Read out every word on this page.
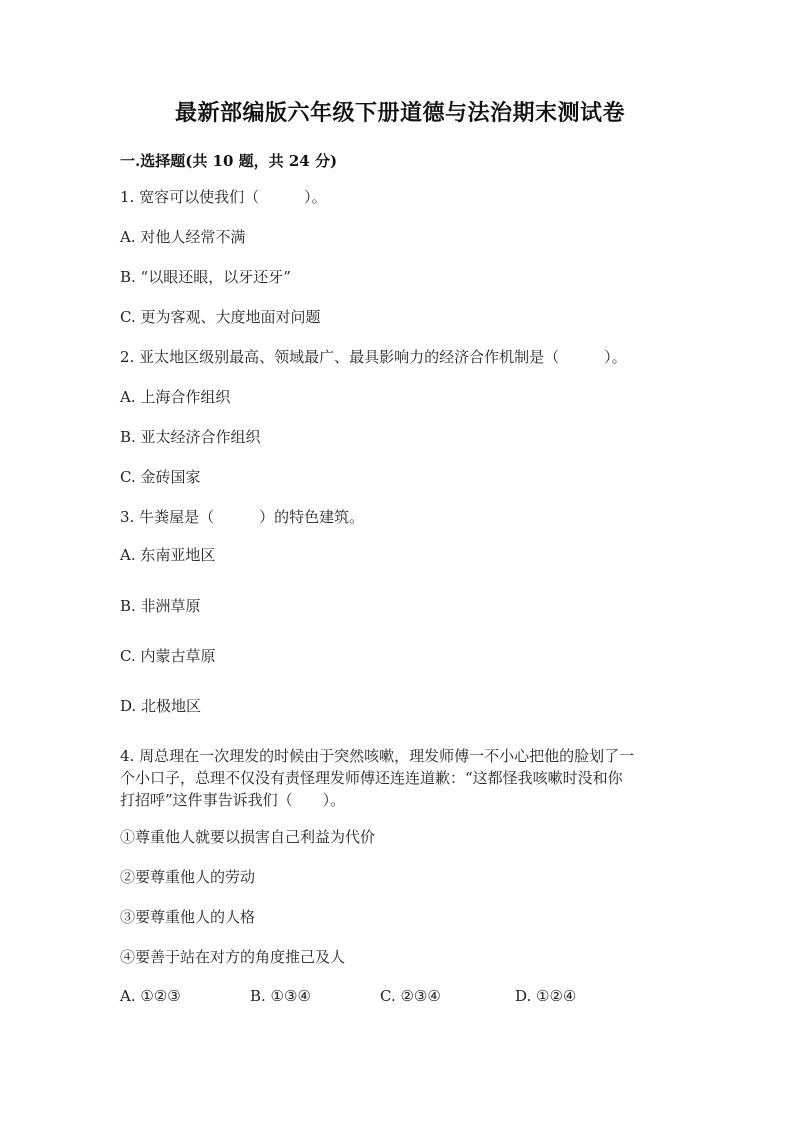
最新部编版六年级下册道德与法治期末测试卷
一.选择题(共 10 题，共 24 分)
1. 宽容可以使我们（　　　）。
A. 对他人经常不满
B. “以眼还眼，以牙还牙”
C. 更为客观、大度地面对问题
2. 亚太地区级别最高、领域最广、最具影响力的经济合作机制是（　　　）。
A. 上海合作组织
B. 亚太经济合作组织
C. 金砖国家
3. 牛粪屋是（　　　）的特色建筑。
A. 东南亚地区
B. 非洲草原
C. 内蒙古草原
D. 北极地区
4. 周总理在一次理发的时候由于突然咳嗽，理发师傅一不小心把他的脸划了一
个小口子，总理不仅没有责怪理发师傅还连连道歉：“这都怪我咳嗽时没和你
打招呼”这件事告诉我们（　　）。
①尊重他人就要以损害自己利益为代价
②要尊重他人的劳动
③要尊重他人的人格
④要善于站在对方的角度推己及人
A. ①②③	B. ①③④	C. ②③④	D. ①②④
